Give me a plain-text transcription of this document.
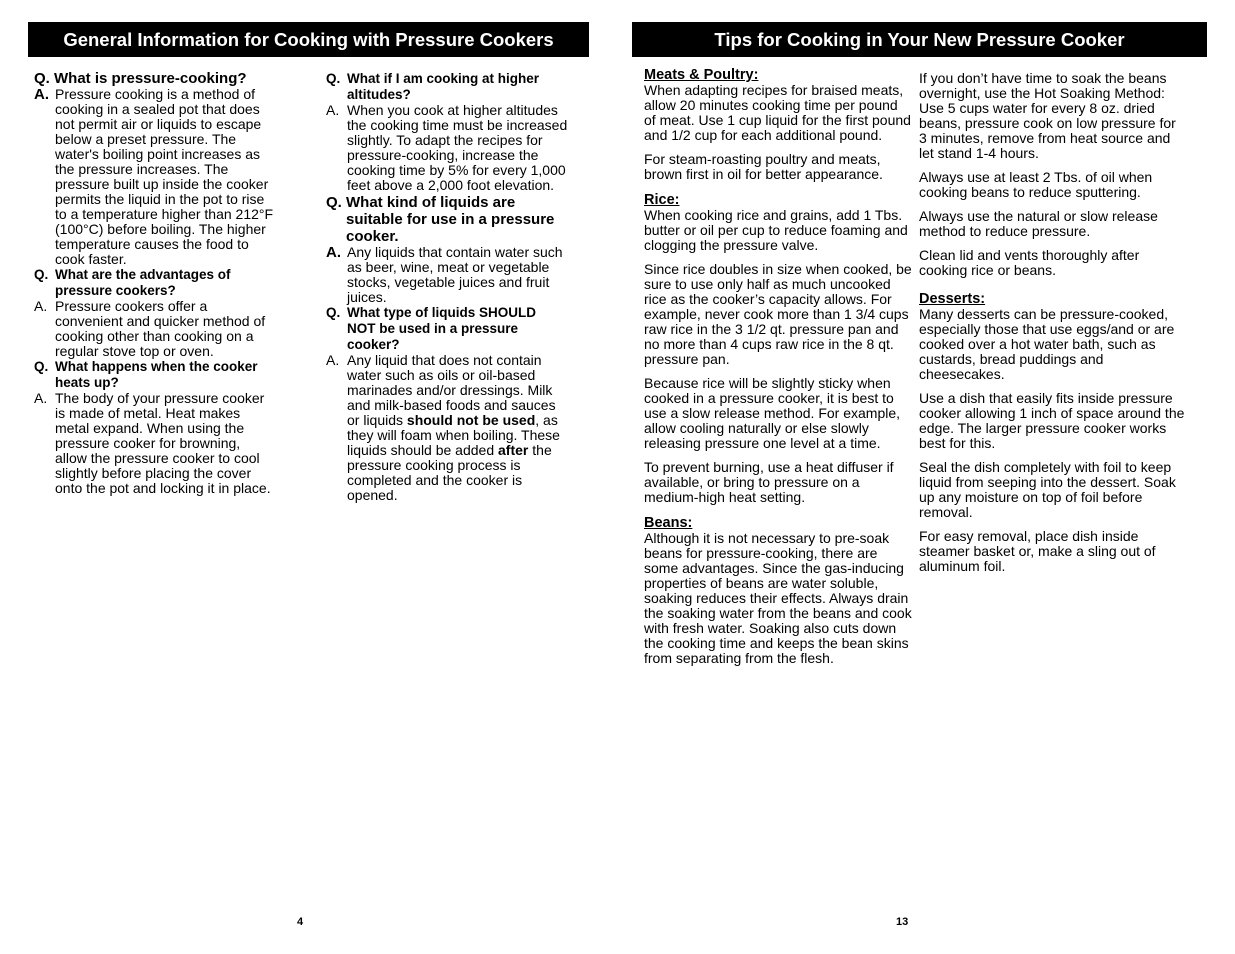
General Information for Cooking with Pressure Cookers
Q. What is pressure-cooking?
A. Pressure cooking is a method of cooking in a sealed pot that does not permit air or liquids to escape below a preset pressure. The water's boiling point increases as the pressure increases. The pressure built up inside the cooker permits the liquid in the pot to rise to a temperature higher than 212°F (100°C) before boiling. The higher temperature causes the food to cook faster.
Q. What are the advantages of pressure cookers?
A. Pressure cookers offer a convenient and quicker method of cooking other than cooking on a regular stove top or oven.
Q. What happens when the cooker heats up?
A. The body of your pressure cooker is made of metal. Heat makes metal expand. When using the pressure cooker for browning, allow the pressure cooker to cool slightly before placing the cover onto the pot and locking it in place.
Q. What if I am cooking at higher altitudes?
A. When you cook at higher altitudes the cooking time must be increased slightly. To adapt the recipes for pressure-cooking, increase the cooking time by 5% for every 1,000 feet above a 2,000 foot elevation.
Q. What kind of liquids are suitable for use in a pressure cooker.
A. Any liquids that contain water such as beer, wine, meat or vegetable stocks, vegetable juices and fruit juices.
Q. What type of liquids SHOULD NOT be used in a pressure cooker?
A. Any liquid that does not contain water such as oils or oil-based marinades and/or dressings. Milk and milk-based foods and sauces or liquids should not be used, as they will foam when boiling. These liquids should be added after the pressure cooking process is completed and the cooker is opened.
4
Tips for Cooking in Your New Pressure Cooker
Meats & Poultry:
When adapting recipes for braised meats, allow 20 minutes cooking time per pound of meat. Use 1 cup liquid for the first pound and 1/2 cup for each additional pound.
For steam-roasting poultry and meats, brown first in oil for better appearance.
Rice:
When cooking rice and grains, add 1 Tbs. butter or oil per cup to reduce foaming and clogging the pressure valve.
Since rice doubles in size when cooked, be sure to use only half as much uncooked rice as the cooker’s capacity allows. For example, never cook more than 1 3/4 cups raw rice in the 3 1/2 qt. pressure pan and no more than 4 cups raw rice in the 8 qt. pressure pan.
Because rice will be slightly sticky when cooked in a pressure cooker, it is best to use a slow release method. For example, allow cooling naturally or else slowly releasing pressure one level at a time.
To prevent burning, use a heat diffuser if available, or bring to pressure on a medium-high heat setting.
Beans:
Although it is not necessary to pre-soak beans for pressure-cooking, there are some advantages. Since the gas-inducing properties of beans are water soluble, soaking reduces their effects. Always drain the soaking water from the beans and cook with fresh water. Soaking also cuts down the cooking time and keeps the bean skins from separating from the flesh.
If you don’t have time to soak the beans overnight, use the Hot Soaking Method: Use 5 cups water for every 8 oz. dried beans, pressure cook on low pressure for 3 minutes, remove from heat source and let stand 1-4 hours.
Always use at least 2 Tbs. of oil when cooking beans to reduce sputtering.
Always use the natural or slow release method to reduce pressure.
Clean lid and vents thoroughly after cooking rice or beans.
Desserts:
Many desserts can be pressure-cooked, especially those that use eggs/and or are cooked over a hot water bath, such as custards, bread puddings and cheesecakes.
Use a dish that easily fits inside pressure cooker allowing 1 inch of space around the edge. The larger pressure cooker works best for this.
Seal the dish completely with foil to keep liquid from seeping into the dessert. Soak up any moisture on top of foil before removal.
For easy removal, place dish inside steamer basket or, make a sling out of aluminum foil.
13
